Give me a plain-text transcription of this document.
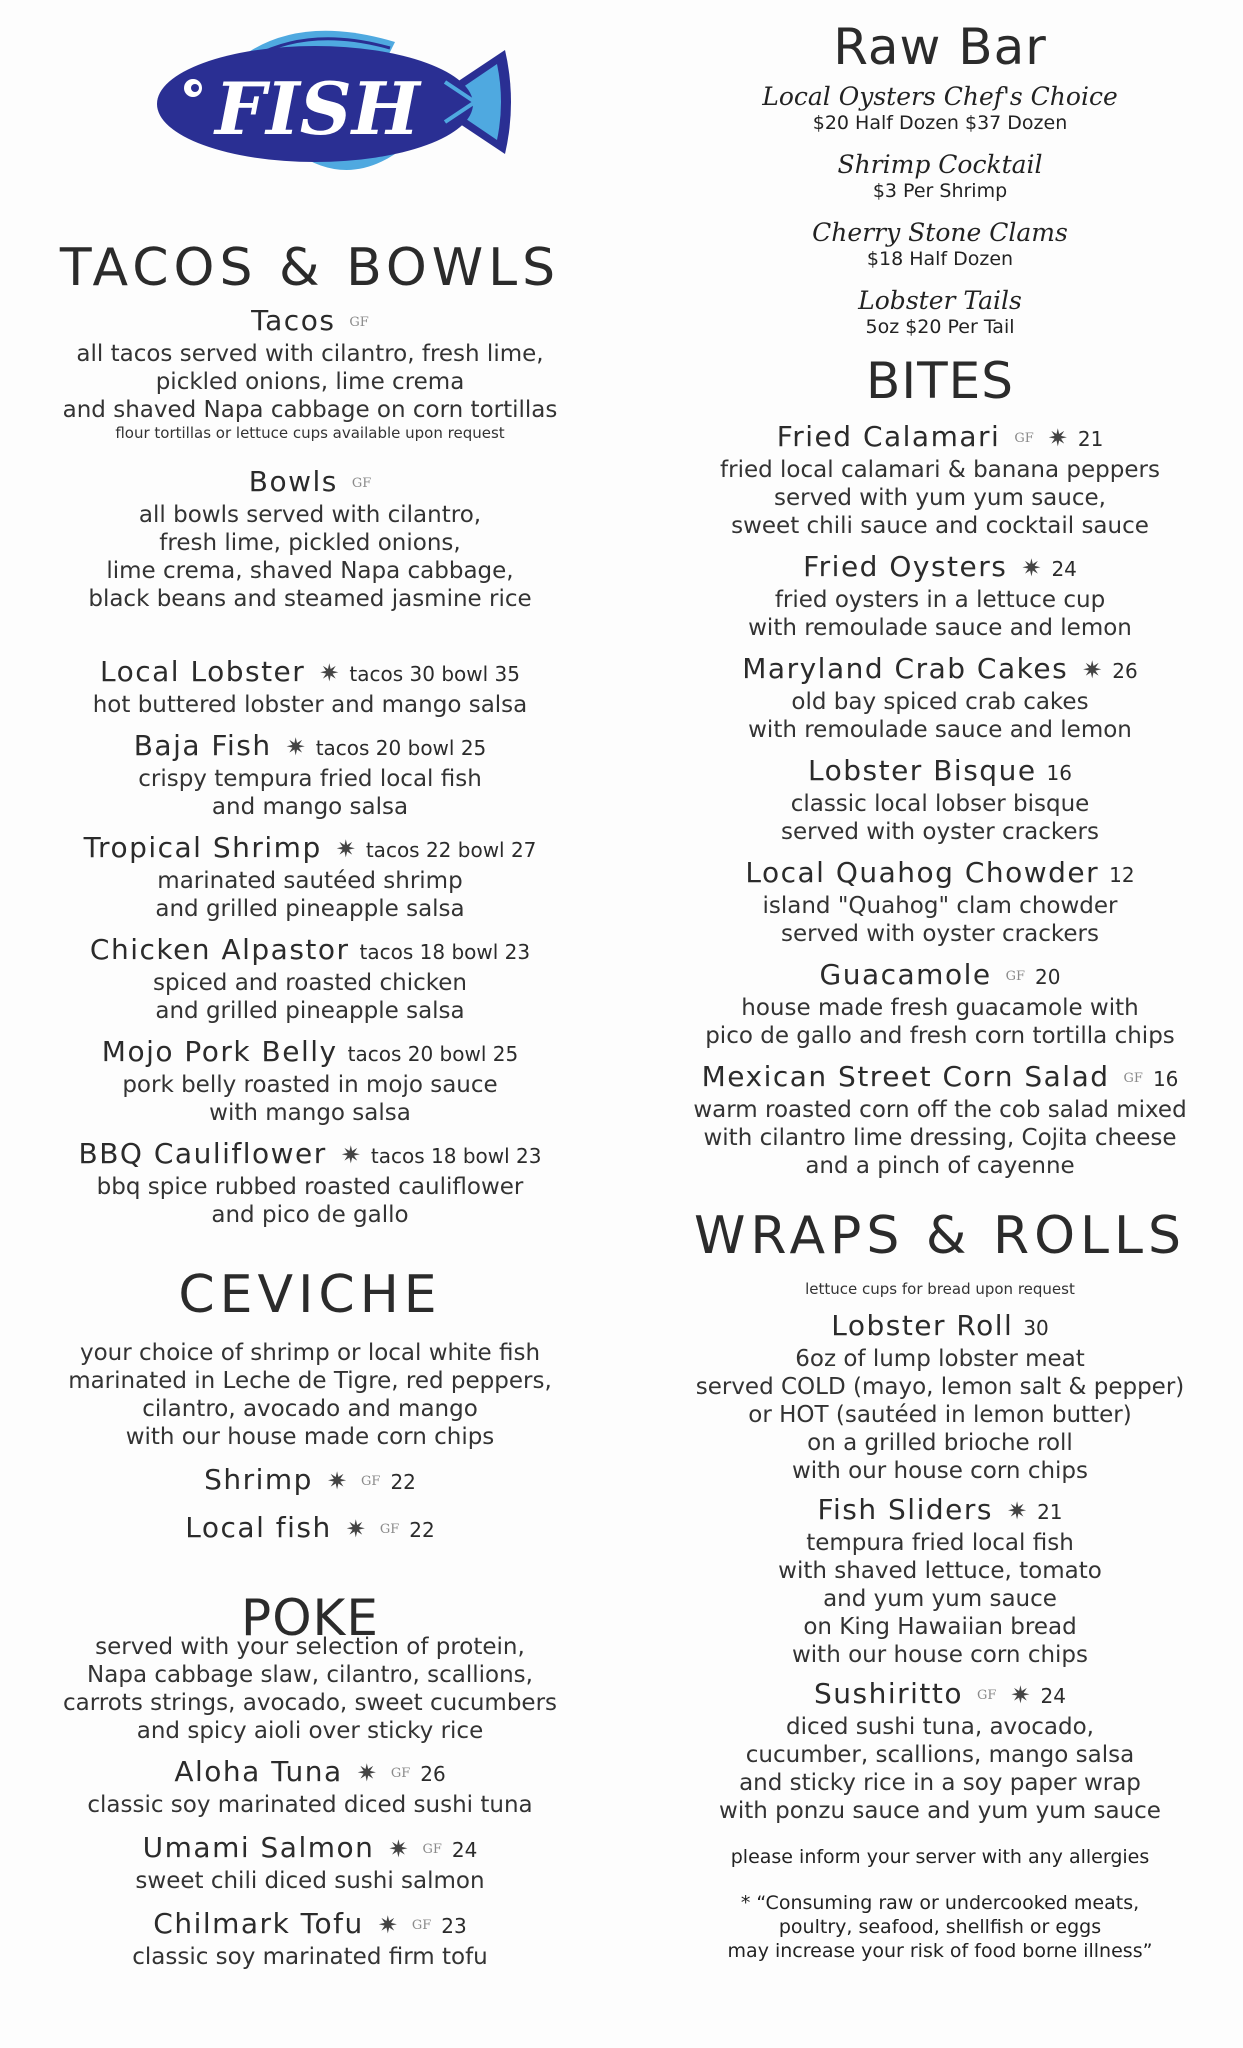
FISH
TACOS & BOWLS
Tacos GF
all tacos served with cilantro, fresh lime,
pickled onions, lime crema
and shaved Napa cabbage on corn tortillas
flour tortillas or lettuce cups available upon request
Bowls GF
all bowls served with cilantro,
fresh lime, pickled onions,
lime crema, shaved Napa cabbage,
black beans and steamed jasmine rice
Local Lobster ✷ tacos 30 bowl 35
hot buttered lobster and mango salsa
Baja Fish ✷ tacos 20 bowl 25
crispy tempura fried local fish
and mango salsa
Tropical Shrimp ✷ tacos 22 bowl 27
marinated sautéed shrimp
and grilled pineapple salsa
Chicken Alpastor tacos 18 bowl 23
spiced and roasted chicken
and grilled pineapple salsa
Mojo Pork Belly tacos 20 bowl 25
pork belly roasted in mojo sauce
with mango salsa
BBQ Cauliflower ✷ tacos 18 bowl 23
bbq spice rubbed roasted cauliflower
and pico de gallo
CEVICHE
your choice of shrimp or local white fish
marinated in Leche de Tigre, red peppers,
cilantro, avocado and mango
with our house made corn chips
Shrimp ✷ GF 22
Local fish ✷ GF 22
POKE
served with your selection of protein,
Napa cabbage slaw, cilantro, scallions,
carrots strings, avocado, sweet cucumbers
and spicy aioli over sticky rice
Aloha Tuna ✷ GF 26
classic soy marinated diced sushi tuna
Umami Salmon ✷ GF 24
sweet chili diced sushi salmon
Chilmark Tofu ✷ GF 23
classic soy marinated firm tofu
Raw Bar
Local Oysters Chef's Choice
$20 Half Dozen $37 Dozen
Shrimp Cocktail
$3 Per Shrimp
Cherry Stone Clams
$18 Half Dozen
Lobster Tails
5oz $20 Per Tail
BITES
Fried Calamari GF ✷ 21
fried local calamari & banana peppers
served with yum yum sauce,
sweet chili sauce and cocktail sauce
Fried Oysters ✷ 24
fried oysters in a lettuce cup
with remoulade sauce and lemon
Maryland Crab Cakes ✷ 26
old bay spiced crab cakes
with remoulade sauce and lemon
Lobster Bisque 16
classic local lobser bisque
served with oyster crackers
Local Quahog Chowder 12
island "Quahog" clam chowder
served with oyster crackers
Guacamole GF 20
house made fresh guacamole with
pico de gallo and fresh corn tortilla chips
Mexican Street Corn Salad GF 16
warm roasted corn off the cob salad mixed
with cilantro lime dressing, Cojita cheese
and a pinch of cayenne
WRAPS & ROLLS
lettuce cups for bread upon request
Lobster Roll 30
6oz of lump lobster meat
served COLD (mayo, lemon salt & pepper)
or HOT (sautéed in lemon butter)
on a grilled brioche roll
with our house corn chips
Fish Sliders ✷ 21
tempura fried local fish
with shaved lettuce, tomato
and yum yum sauce
on King Hawaiian bread
with our house corn chips
Sushiritto GF ✷ 24
diced sushi tuna, avocado,
cucumber, scallions, mango salsa
and sticky rice in a soy paper wrap
with ponzu sauce and yum yum sauce
please inform your server with any allergies
* “Consuming raw or undercooked meats,
poultry, seafood, shellfish or eggs
may increase your risk of food borne illness”
